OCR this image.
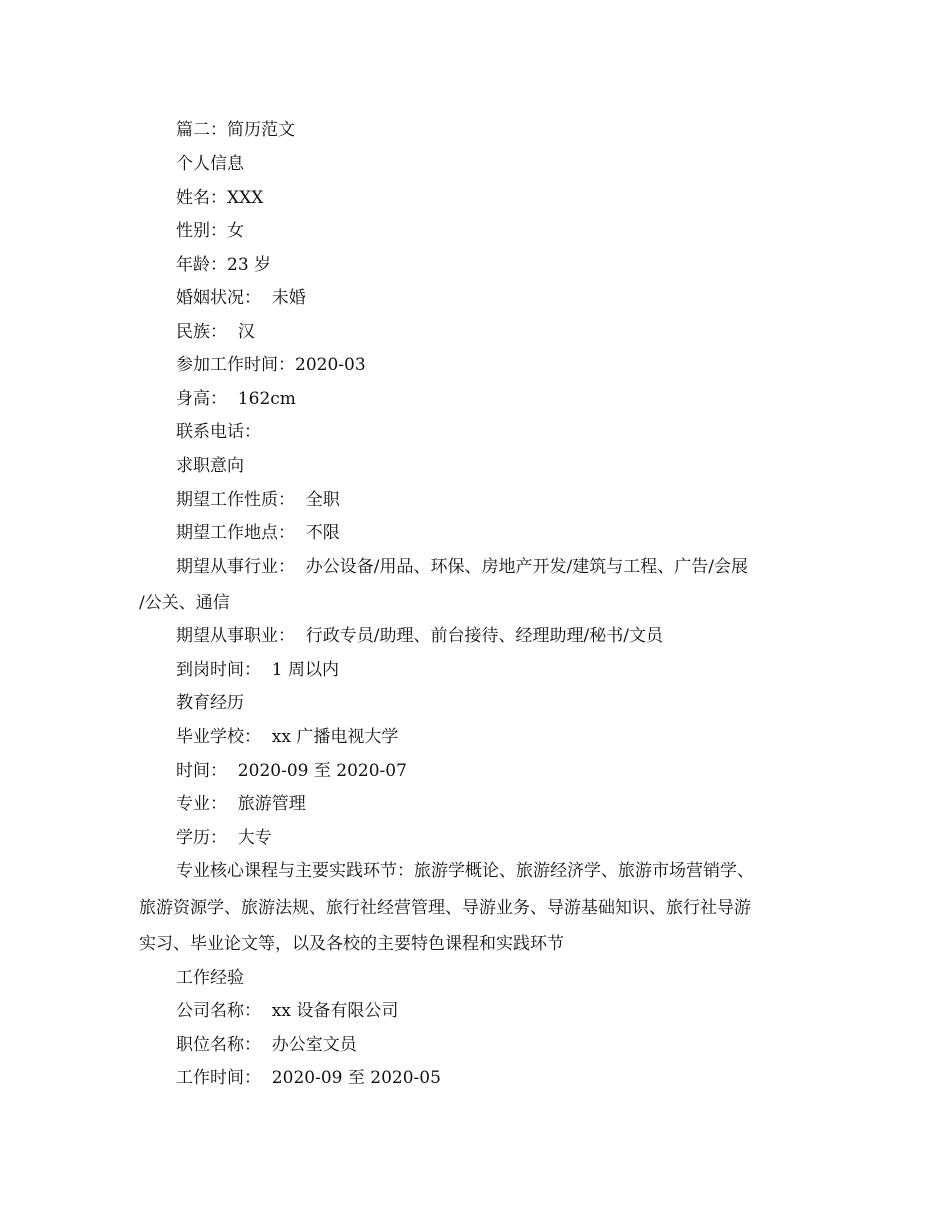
篇二：简历范文
个人信息
姓名：XXX
性别：女
年龄：23 岁
婚姻状况：  未婚
民族：  汉
参加工作时间：2020-03
身高：  162cm
联系电话：
求职意向
期望工作性质：  全职
期望工作地点：  不限
期望从事行业：  办公设备/用品、环保、房地产开发/建筑与工程、广告/会展
/公关、通信
期望从事职业：  行政专员/助理、前台接待、经理助理/秘书/文员
到岗时间：  1 周以内
教育经历
毕业学校：  xx 广播电视大学
时间：  2020-09 至 2020-07
专业：  旅游管理
学历：  大专
专业核心课程与主要实践环节：旅游学概论、旅游经济学、旅游市场营销学、
旅游资源学、旅游法规、旅行社经营管理、导游业务、导游基础知识、旅行社导游
实习、毕业论文等，以及各校的主要特色课程和实践环节
工作经验
公司名称：  xx 设备有限公司
职位名称：  办公室文员
工作时间：  2020-09 至 2020-05
